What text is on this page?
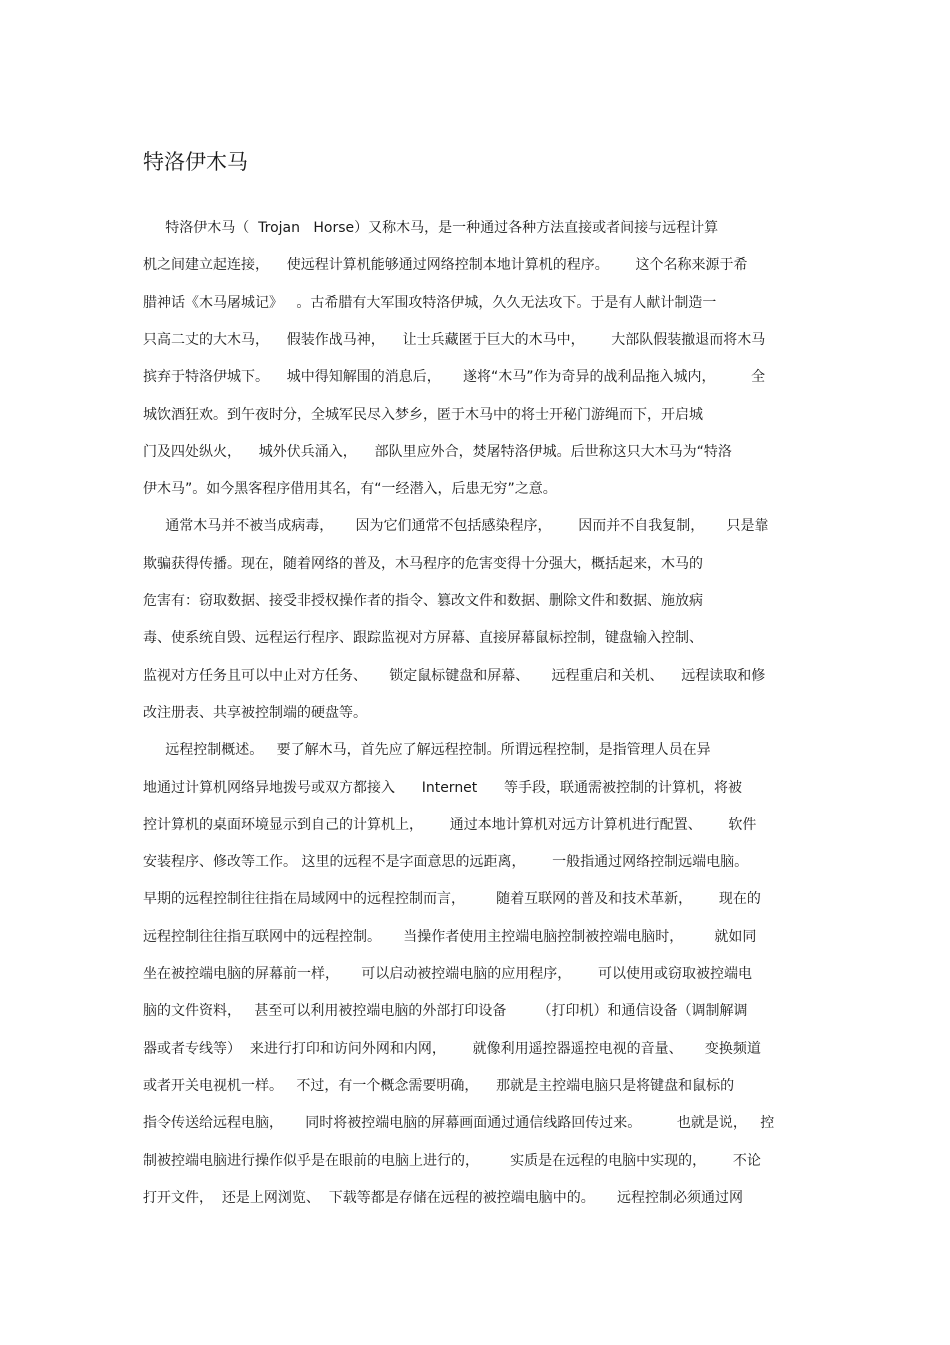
特洛伊木马
特洛伊木马（  Trojan   Horse）又称木马，是一种通过各种方法直接或者间接与远程计算
机之间建立起连接，    使远程计算机能够通过网络控制本地计算机的程序。      这个名称来源于希
腊神话《木马屠城记》   。古希腊有大军围攻特洛伊城，久久无法攻下。于是有人献计制造一
只高二丈的大木马，    假装作战马神，    让士兵藏匿于巨大的木马中，      大部队假装撤退而将木马
摈弃于特洛伊城下。    城中得知解围的消息后，     遂将“木马”作为奇异的战利品拖入城内，        全
城饮酒狂欢。到午夜时分，全城军民尽入梦乡，匿于木马中的将士开秘门游绳而下，开启城
门及四处纵火，    城外伏兵涌入，    部队里应外合，焚屠特洛伊城。后世称这只大木马为“特洛
伊木马”。如今黑客程序借用其名，有“一经潜入，后患无穷”之意。
通常木马并不被当成病毒，     因为它们通常不包括感染程序，      因而并不自我复制，     只是靠
欺骗获得传播。现在，随着网络的普及，木马程序的危害变得十分强大，概括起来，木马的
危害有：窃取数据、接受非授权操作者的指令、篡改文件和数据、删除文件和数据、施放病
毒、使系统自毁、远程运行程序、跟踪监视对方屏幕、直接屏幕鼠标控制，键盘输入控制、
监视对方任务且可以中止对方任务、     锁定鼠标键盘和屏幕、     远程重启和关机、    远程读取和修
改注册表、共享被控制端的硬盘等。
远程控制概述。   要了解木马，首先应了解远程控制。所谓远程控制，是指管理人员在异
地通过计算机网络异地拨号或双方都接入      Internet      等手段，联通需被控制的计算机，将被
控计算机的桌面环境显示到自己的计算机上，      通过本地计算机对远方计算机进行配置、      软件
安装程序、修改等工作。 这里的远程不是字面意思的远距离，      一般指通过网络控制远端电脑。
早期的远程控制往往指在局域网中的远程控制而言，       随着互联网的普及和技术革新，      现在的
远程控制往往指互联网中的远程控制。     当操作者使用主控端电脑控制被控端电脑时，       就如同
坐在被控端电脑的屏幕前一样，     可以启动被控端电脑的应用程序，      可以使用或窃取被控端电
脑的文件资料，   甚至可以利用被控端电脑的外部打印设备       （打印机）和通信设备（调制解调
器或者专线等）  来进行打印和访问外网和内网，      就像利用遥控器遥控电视的音量、     变换频道
或者开关电视机一样。   不过，有一个概念需要明确，    那就是主控端电脑只是将键盘和鼠标的
指令传送给远程电脑，     同时将被控端电脑的屏幕画面通过通信线路回传过来。        也就是说，   控
制被控端电脑进行操作似乎是在眼前的电脑上进行的，       实质是在远程的电脑中实现的，      不论
打开文件，  还是上网浏览、  下载等都是存储在远程的被控端电脑中的。     远程控制必须通过网
